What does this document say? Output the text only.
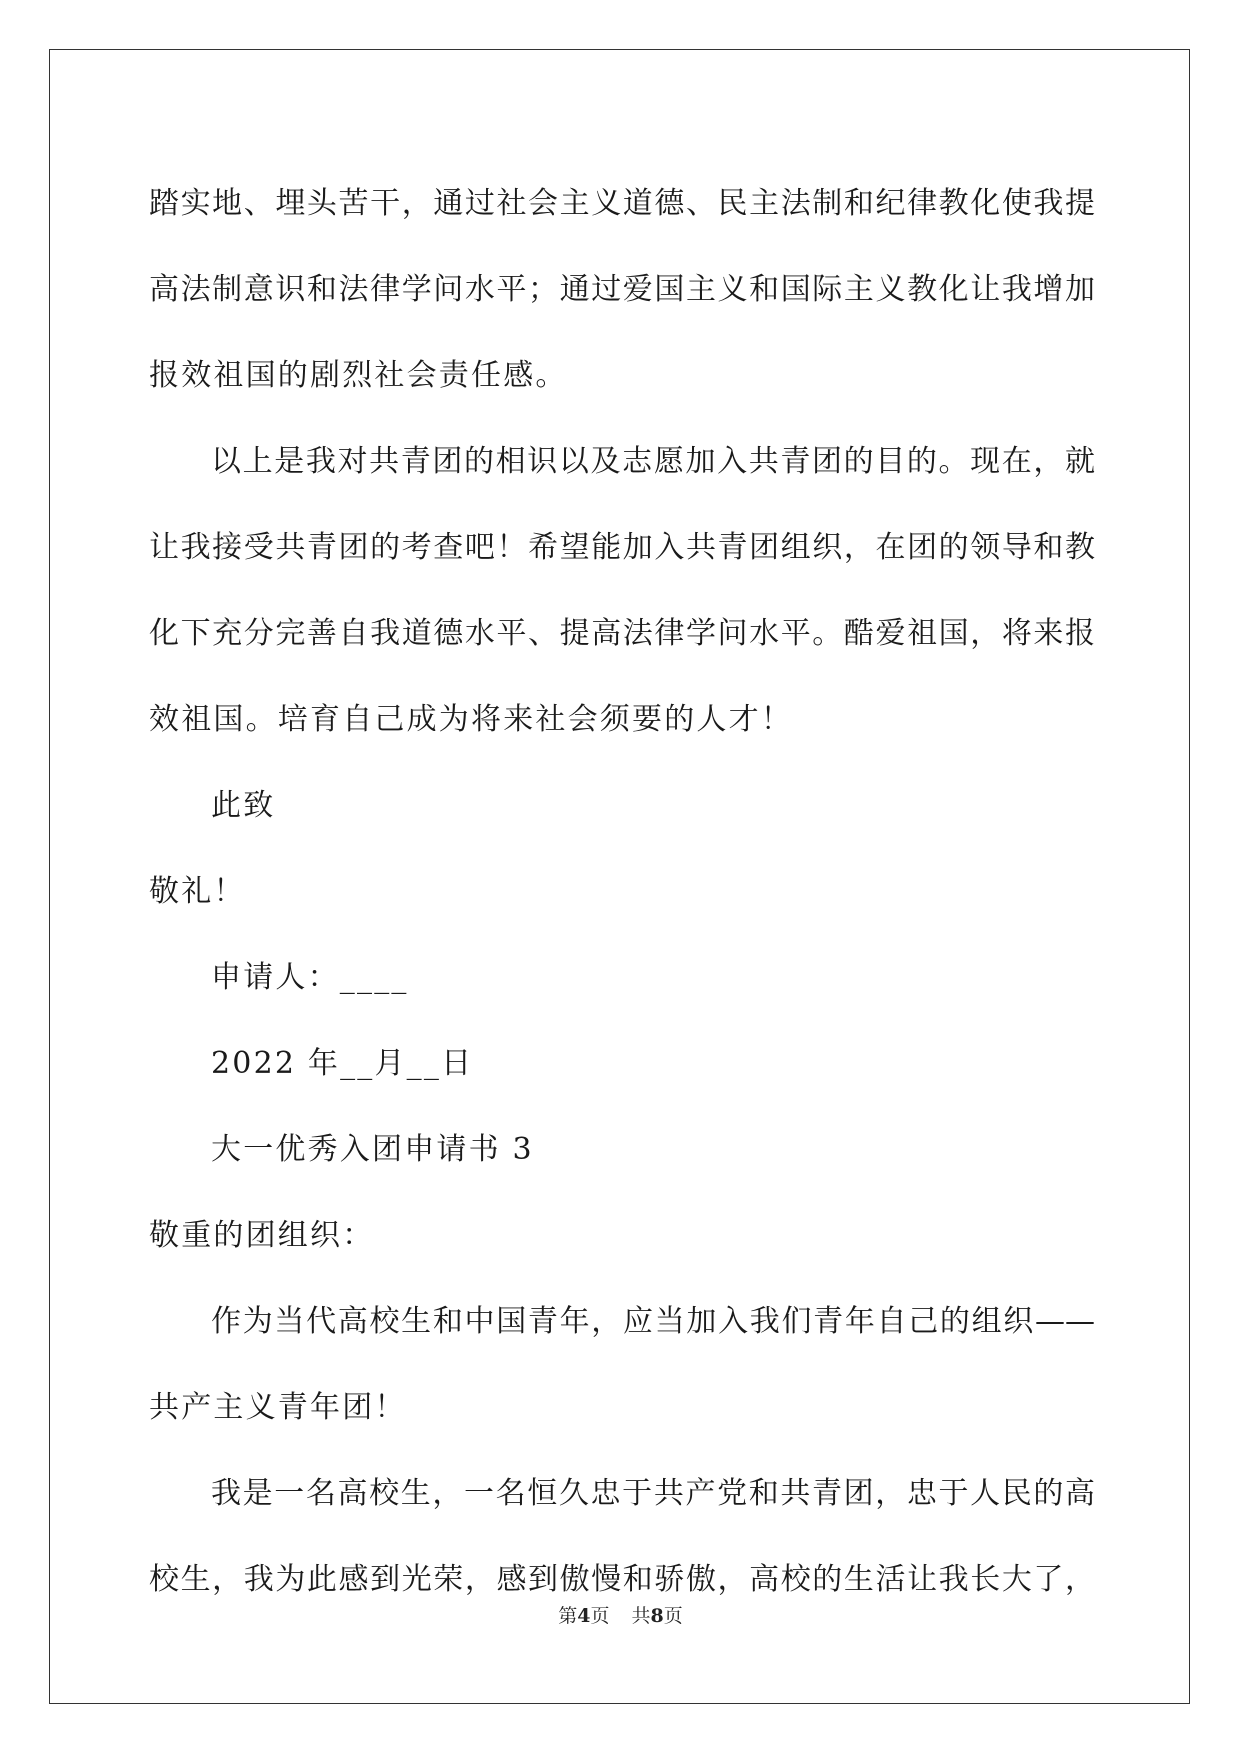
踏实地、埋头苦干，通过社会主义道德、民主法制和纪律教化使我提
高法制意识和法律学问水平；通过爱国主义和国际主义教化让我增加
报效祖国的剧烈社会责任感。
以上是我对共青团的相识以及志愿加入共青团的目的。现在，就
让我接受共青团的考查吧！希望能加入共青团组织，在团的领导和教
化下充分完善自我道德水平、提高法律学问水平。酷爱祖国，将来报
效祖国。培育自己成为将来社会须要的人才！
此致
敬礼！
申请人：____
2022 年__月__日
大一优秀入团申请书 3
敬重的团组织：
作为当代高校生和中国青年，应当加入我们青年自己的组织——
共产主义青年团！
我是一名高校生，一名恒久忠于共产党和共青团，忠于人民的高
校生，我为此感到光荣，感到傲慢和骄傲，高校的生活让我长大了，
第4页 共8页
